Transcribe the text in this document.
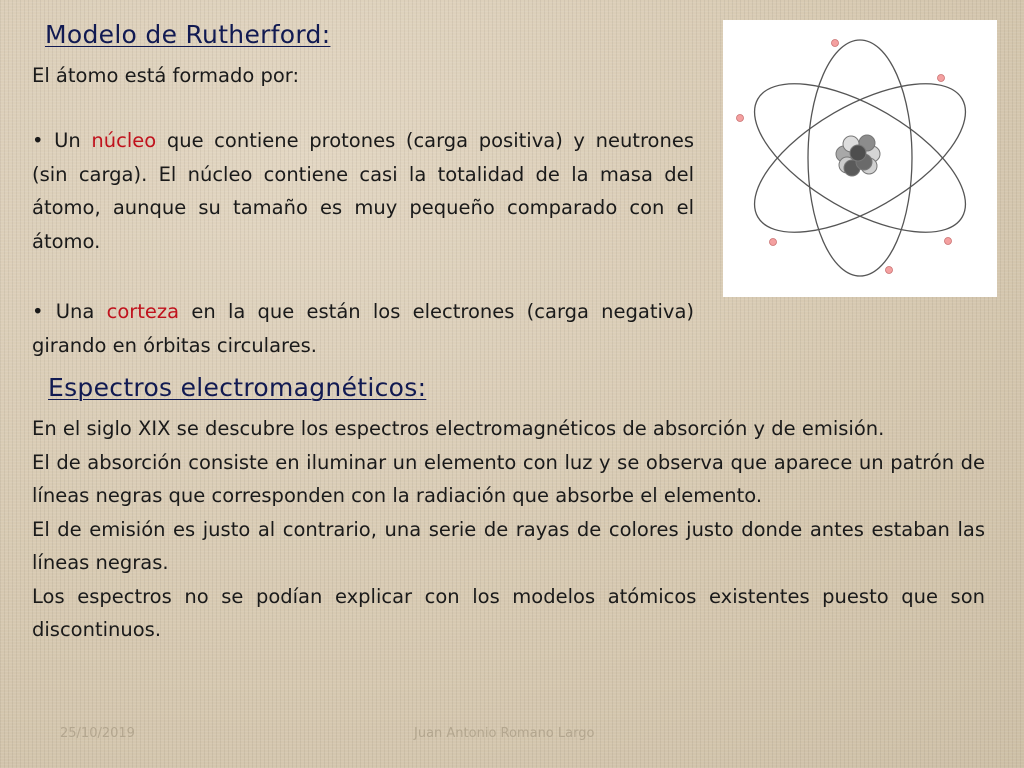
Modelo de Rutherford:
El átomo está formado por:

• Un núcleo que contiene protones (carga positiva) y neutrones (sin carga). El núcleo contiene casi la totalidad de la masa del átomo, aunque su tamaño es muy pequeño comparado con el átomo.

• Una corteza en la que están los electrones (carga negativa) girando en órbitas circulares.

Espectros electromagnéticos:

En el siglo XIX se descubre los espectros electromagnéticos de absorción y de emisión.

El de absorción consiste en iluminar un elemento con luz y se observa que aparece un patrón de líneas negras que corresponden con la radiación que absorbe el elemento.

El de emisión es justo al contrario, una serie de rayas de colores justo donde antes estaban las líneas negras.

Los espectros no se podían explicar con los modelos atómicos existentes puesto que son discontinuos.

25/10/2019	Juan Antonio Romano Largo
